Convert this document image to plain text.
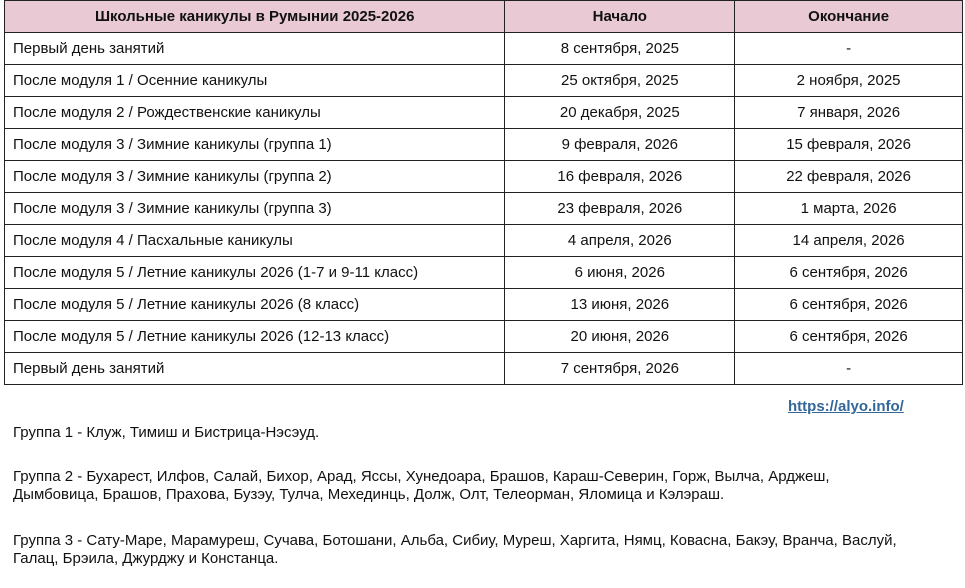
Школьные каникулы в Румынии 2025-2026	Начало	Окончание
Первый день занятий	8 сентября, 2025	-
После модуля 1 / Осенние каникулы	25 октября, 2025	2 ноября, 2025
После модуля 2 / Рождественские каникулы	20 декабря, 2025	7 января, 2026
После модуля 3 / Зимние каникулы (группа 1)	9 февраля, 2026	15 февраля, 2026
После модуля 3 / Зимние каникулы (группа 2)	16 февраля, 2026	22 февраля, 2026
После модуля 3 / Зимние каникулы (группа 3)	23 февраля, 2026	1 марта, 2026
После модуля 4 / Пасхальные каникулы	4 апреля, 2026	14 апреля, 2026
После модуля 5 / Летние каникулы 2026 (1-7 и 9-11 класс)	6 июня, 2026	6 сентября, 2026
После модуля 5 / Летние каникулы 2026 (8 класс)	13 июня, 2026	6 сентября, 2026
После модуля 5 / Летние каникулы 2026 (12-13 класс)	20 июня, 2026	6 сентября, 2026
Первый день занятий	7 сентября, 2026	-
https://alyo.info/
Группа 1 - Клуж, Тимиш и Бистрица-Нэсэуд.
Группа 2 - Бухарест, Илфов, Салай, Бихор, Арад, Яссы, Хунедоара, Брашов, Караш-Северин, Горж, Вылча, Арджеш,
Дымбовица, Брашов, Прахова, Бузэу, Тулча, Мехединць, Долж, Олт, Телеорман, Яломица и Кэлэраш.
Группа 3 - Сату-Маре, Марамуреш, Сучава, Ботошани, Альба, Сибиу, Муреш, Харгита, Нямц, Ковасна, Бакэу, Вранча, Васлуй,
Галац, Брэила, Джурджу и Констанца.
